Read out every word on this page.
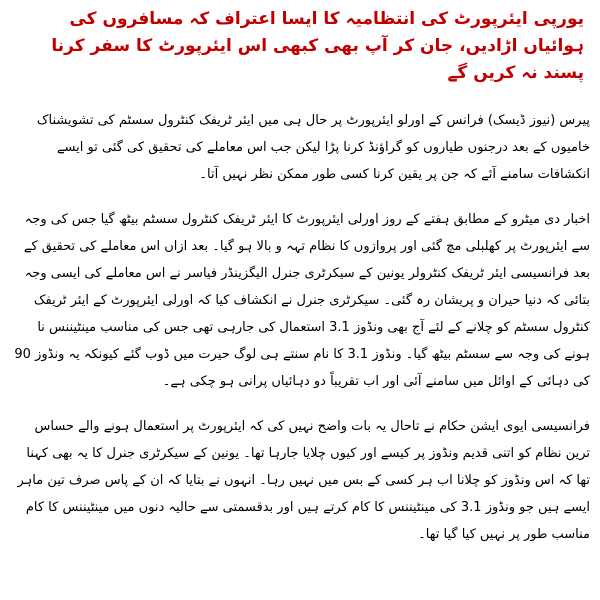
یورپی ایئرپورٹ کی انتظامیہ کا ایسا اعتراف کہ مسافروں کی ہوائیاں اڑادیں، جان کر آپ بھی کبھی اس ایئرپورٹ کا سفر کرنا پسند نہ کریں گے

پیرس (نیوز ڈیسک) فرانس کے اورلو ایئرپورٹ پر حال ہی میں ایئر ٹریفک کنٹرول سسٹم کی تشویشناک خامیوں کے بعد درجنوں طیاروں کو گراؤنڈ کرنا پڑا لیکن جب اس معاملے کی تحقیق کی گئی تو ایسے انکشافات سامنے آئے کہ جن پر یقین کرنا کسی طور ممکن نظر نہیں آتا۔

اخبار دی میٹرو کے مطابق ہفتے کے روز اورلی ایئرپورٹ کا ایئر ٹریفک کنٹرول سسٹم بیٹھ گیا جس کی وجہ سے ایئرپورٹ پر کھلبلی مچ گئی اور پروازوں کا نظام تہہ و بالا ہو گیا۔ بعد ازاں اس معاملے کی تحقیق کے بعد فرانسیسی ایئر ٹریفک کنٹرولر یونین کے سیکرٹری جنرل الیگزینڈر فیاسر نے اس معاملے کی ایسی وجہ بتائی کہ دنیا حیران و پریشان رہ گئی۔ سیکرٹری جنرل نے انکشاف کیا کہ اورلی ایئرپورٹ کے ایئر ٹریفک کنٹرول سسٹم کو چلانے کے لئے آج بھی ونڈوز 3.1 استعمال کی جارہی تھی جس کی مناسب مینٹیننس نا ہونے کی وجہ سے سسٹم بیٹھ گیا۔ ونڈوز 3.1 کا نام سنتے ہی لوگ حیرت میں ڈوب گئے کیونکہ یہ ونڈوز 90 کی دہائی کے اوائل میں سامنے آئی اور اب تقریباً دو دہائیاں پرانی ہو چکی ہے۔

فرانسیسی ایوی ایشن حکام نے تاحال یہ بات واضح نہیں کی کہ ایئرپورٹ پر استعمال ہونے والے حساس ترین نظام کو اتنی قدیم ونڈوز پر کیسے اور کیوں چلایا جارہا تھا۔ یونین کے سیکرٹری جنرل کا یہ بھی کہنا تھا کہ اس ونڈوز کو چلانا اب ہر کسی کے بس میں نہیں رہا۔ انہوں نے بتایا کہ ان کے پاس صرف تین ماہر ایسے ہیں جو ونڈوز 3.1 کی مینٹیننس کا کام کرتے ہیں اور بدقسمتی سے حالیہ دنوں میں مینٹیننس کا کام مناسب طور پر نہیں کیا گیا تھا۔
